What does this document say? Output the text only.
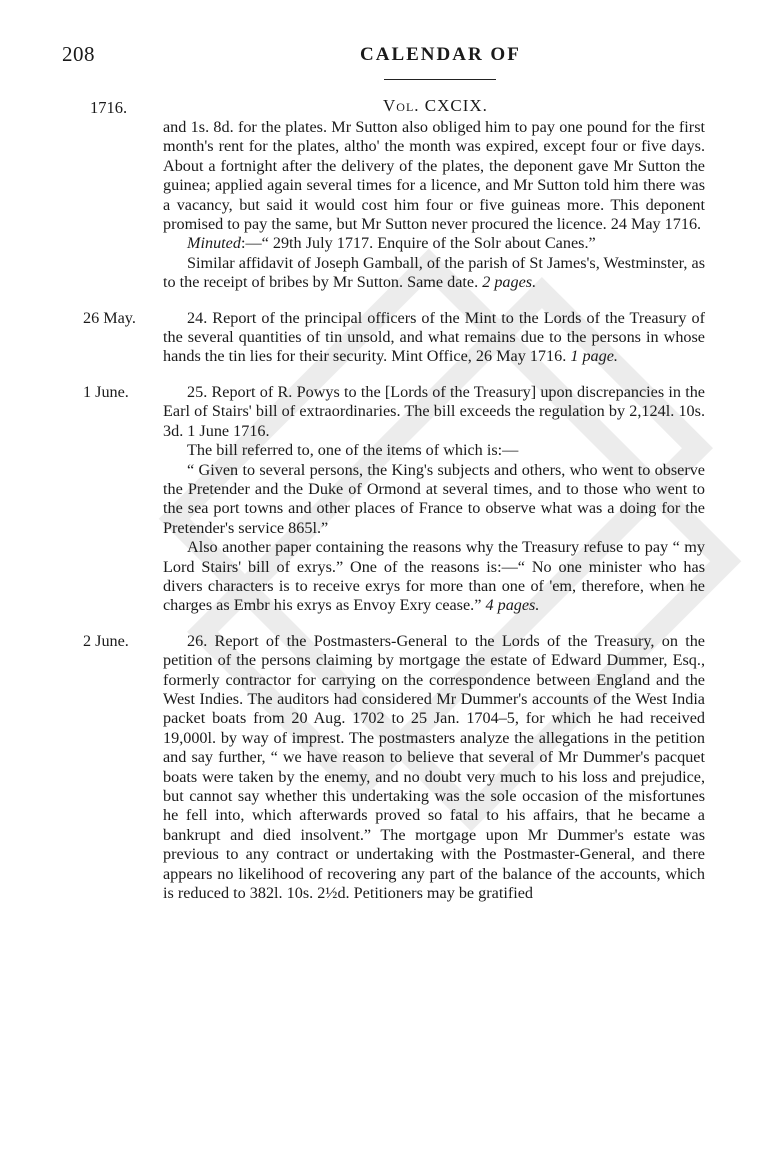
208	CALENDAR OF
1716.	Vol. CXCIX.

and 1s. 8d. for the plates. Mr Sutton also obliged him to pay one pound for the first month's rent for the plates, altho' the month was expired, except four or five days. About a fortnight after the delivery of the plates, the deponent gave Mr Sutton the guinea; applied again several times for a licence, and Mr Sutton told him there was a vacancy, but said it would cost him four or five guineas more. This deponent promised to pay the same, but Mr Sutton never procured the licence. 24 May 1716.

Minuted:—“ 29th July 1717. Enquire of the Solr about Canes.”

Similar affidavit of Joseph Gamball, of the parish of St James's, Westminster, as to the receipt of bribes by Mr Sutton. Same date. 2 pages.

26 May.	24. Report of the principal officers of the Mint to the Lords of the Treasury of the several quantities of tin unsold, and what remains due to the persons in whose hands the tin lies for their security. Mint Office, 26 May 1716. 1 page.

1 June.	25. Report of R. Powys to the [Lords of the Treasury] upon discrepancies in the Earl of Stairs' bill of extraordinaries. The bill exceeds the regulation by 2,124l. 10s. 3d. 1 June 1716.

The bill referred to, one of the items of which is:—

“ Given to several persons, the King's subjects and others, who went to observe the Pretender and the Duke of Ormond at several times, and to those who went to the sea port towns and other places of France to observe what was a doing for the Pretender's service 865l.”

Also another paper containing the reasons why the Treasury refuse to pay “ my Lord Stairs' bill of exrys.” One of the reasons is:—“ No one minister who has divers characters is to receive exrys for more than one of 'em, therefore, when he charges as Embr his exrys as Envoy Exry cease.” 4 pages.

2 June.	26. Report of the Postmasters-General to the Lords of the Treasury, on the petition of the persons claiming by mortgage the estate of Edward Dummer, Esq., formerly contractor for carrying on the correspondence between England and the West Indies. The auditors had considered Mr Dummer's accounts of the West India packet boats from 20 Aug. 1702 to 25 Jan. 1704–5, for which he had received 19,000l. by way of imprest. The postmasters analyze the allegations in the petition and say further, “ we have reason to believe that several of Mr Dummer's pacquet boats were taken by the enemy, and no doubt very much to his loss and prejudice, but cannot say whether this undertaking was the sole occasion of the misfortunes he fell into, which afterwards proved so fatal to his affairs, that he became a bankrupt and died insolvent.” The mortgage upon Mr Dummer's estate was previous to any contract or undertaking with the Postmaster-General, and there appears no likelihood of recovering any part of the balance of the accounts, which is reduced to 382l. 10s. 2½d. Petitioners may be gratified
